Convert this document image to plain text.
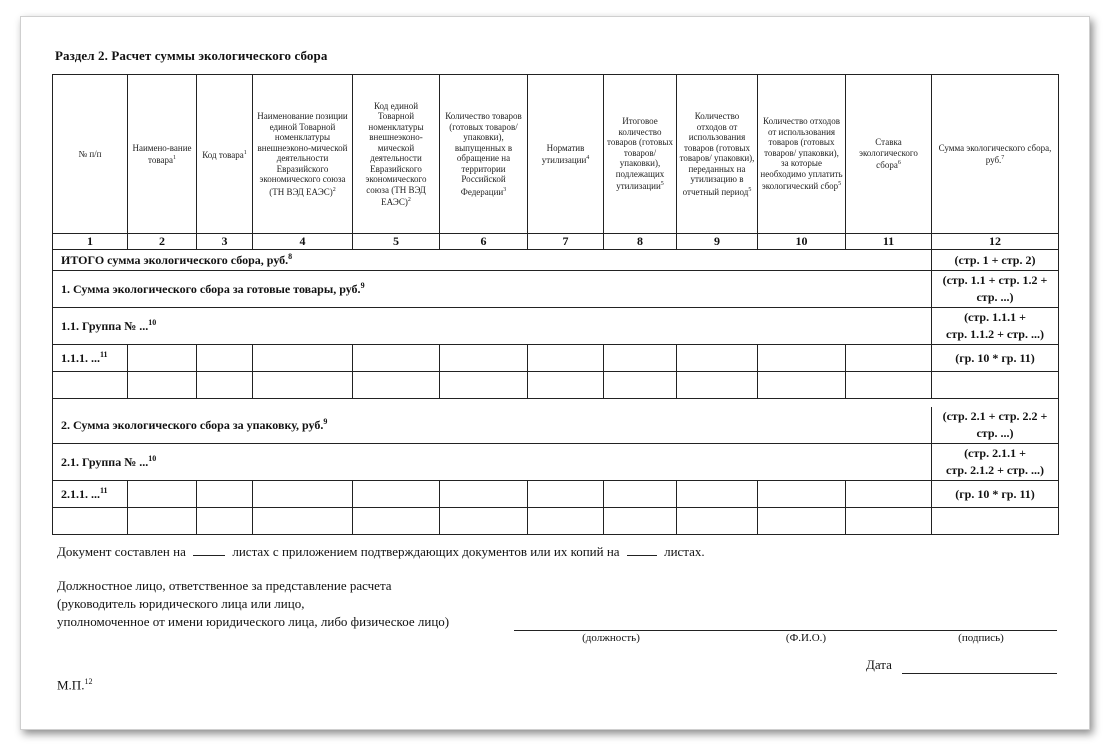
Раздел 2. Расчет суммы экологического сбора
№ п/п	Наимено-вание товара$^1$	Код товара$^1$	Наименование позиции единой Товарной номенклатуры внешнеэконо-мической деятельности Евразийского экономического союза (ТН ВЭД ЕАЭС)$^2$	Код единой Товарной номенклатуры внешнеэконо-мической деятельности Евразийского экономического союза (ТН ВЭД ЕАЭС)$^2$	Количество товаров (готовых товаров/ упаковки), выпущенных в обращение на территории Российской Федерации$^3$	Норматив утилизации$^4$	Итоговое количество товаров (готовых товаров/ упаковки), подлежащих утилизации$^5$	Количество отходов от использования товаров (готовых товаров/ упаковки), переданных на утилизацию в отчетный период$^5$	Количество отходов от использования товаров (готовых товаров/ упаковки), за которые необходимо уплатить экологический сбор$^5$	Ставка экологического сбора$^6$	Сумма экологического сбора, руб.$^7$
1	2	3	4	5	6	7	8	9	10	11	12
ИТОГО сумма экологического сбора, руб.$^8$											(стр. 1 + стр. 2)
1. Сумма экологического сбора за готовые товары, руб.$^9$											(стр. 1.1 + стр. 1.2 +
стр. ...)
1.1. Группа № ...$^{10}$											(стр. 1.1.1 +
стр. 1.1.2 + стр. ...)
1.1.1. ...$^{11}$											(гр. 10 * гр. 11)

2. Сумма экологического сбора за упаковку, руб.$^9$											(стр. 2.1 + стр. 2.2 +
стр. ...)
2.1. Группа № ...$^{10}$											(стр. 2.1.1 +
стр. 2.1.2 + стр. ...)
2.1.1. ...$^{11}$											(гр. 10 * гр. 11)

Документ составлен на	листах с приложением подтверждающих документов или их копий на	листах.
Должностное лицо, ответственное за представление расчета
(руководитель юридического лица или лицо,
уполномоченное от имени юридического лица, либо физическое лицо)
(должность)	(Ф.И.О.)	(подпись)
Дата
М.П.$^{12}$
